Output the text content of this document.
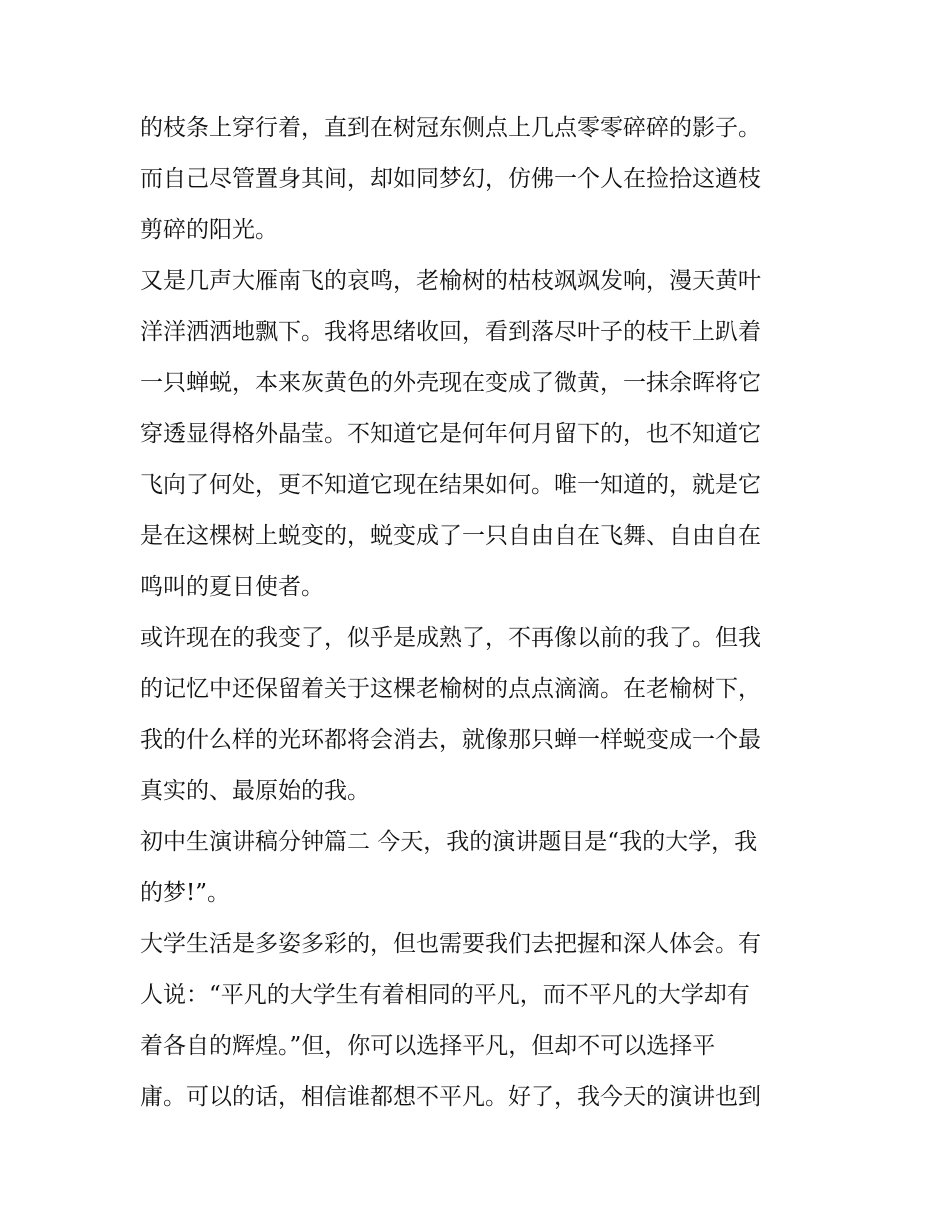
的枝条上穿行着，直到在树冠东侧点上几点零零碎碎的影子。
而自己尽管置身其间，却如同梦幻，仿佛一个人在捡拾这遒枝
剪碎的阳光。
又是几声大雁南飞的哀鸣，老榆树的枯枝飒飒发响，漫天黄叶
洋洋洒洒地飘下。我将思绪收回，看到落尽叶子的枝干上趴着
一只蝉蜕，本来灰黄色的外壳现在变成了微黄，一抹余晖将它
穿透显得格外晶莹。不知道它是何年何月留下的，也不知道它
飞向了何处，更不知道它现在结果如何。唯一知道的，就是它
是在这棵树上蜕变的，蜕变成了一只自由自在飞舞、自由自在
鸣叫的夏日使者。
或许现在的我变了，似乎是成熟了，不再像以前的我了。但我
的记忆中还保留着关于这棵老榆树的点点滴滴。在老榆树下，
我的什么样的光环都将会消去，就像那只蝉一样蜕变成一个最
真实的、最原始的我。
初中生演讲稿分钟篇二 今天，我的演讲题目是“我的大学，我
的梦!”。
大学生活是多姿多彩的，但也需要我们去把握和深人体会。有
人说：“平凡的大学生有着相同的平凡，而不平凡的大学却有
着各自的辉煌。”但，你可以选择平凡，但却不可以选择平
庸。可以的话，相信谁都想不平凡。好了，我今天的演讲也到
